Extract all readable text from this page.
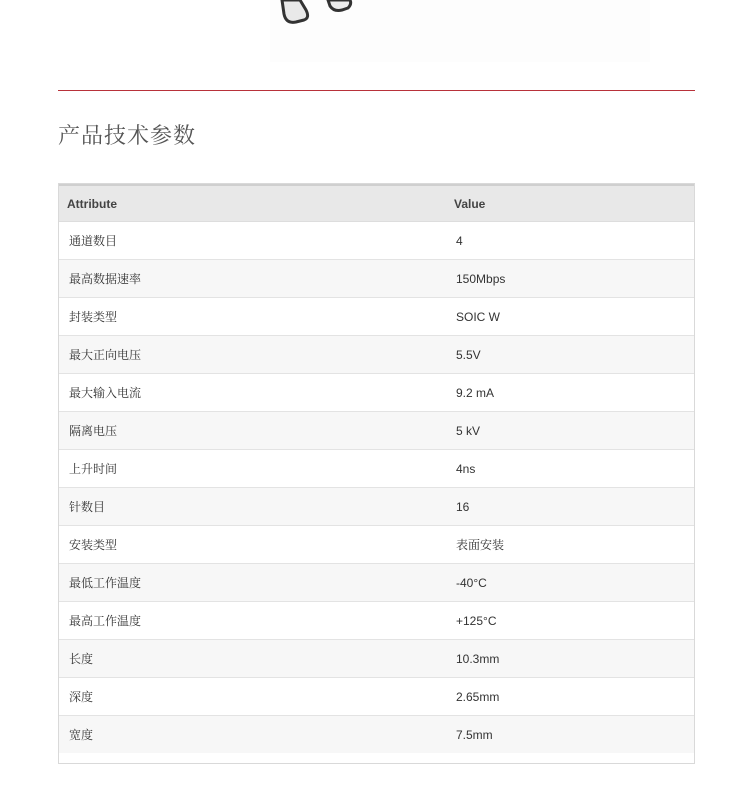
产品技术参数
Attribute	Value
通道数目	4
最高数据速率	150Mbps
封装类型	SOIC W
最大正向电压	5.5V
最大输入电流	9.2 mA
隔离电压	5 kV
上升时间	4ns
针数目	16
安装类型	表面安装
最低工作温度	-40°C
最高工作温度	+125°C
长度	10.3mm
深度	2.65mm
宽度	7.5mm
